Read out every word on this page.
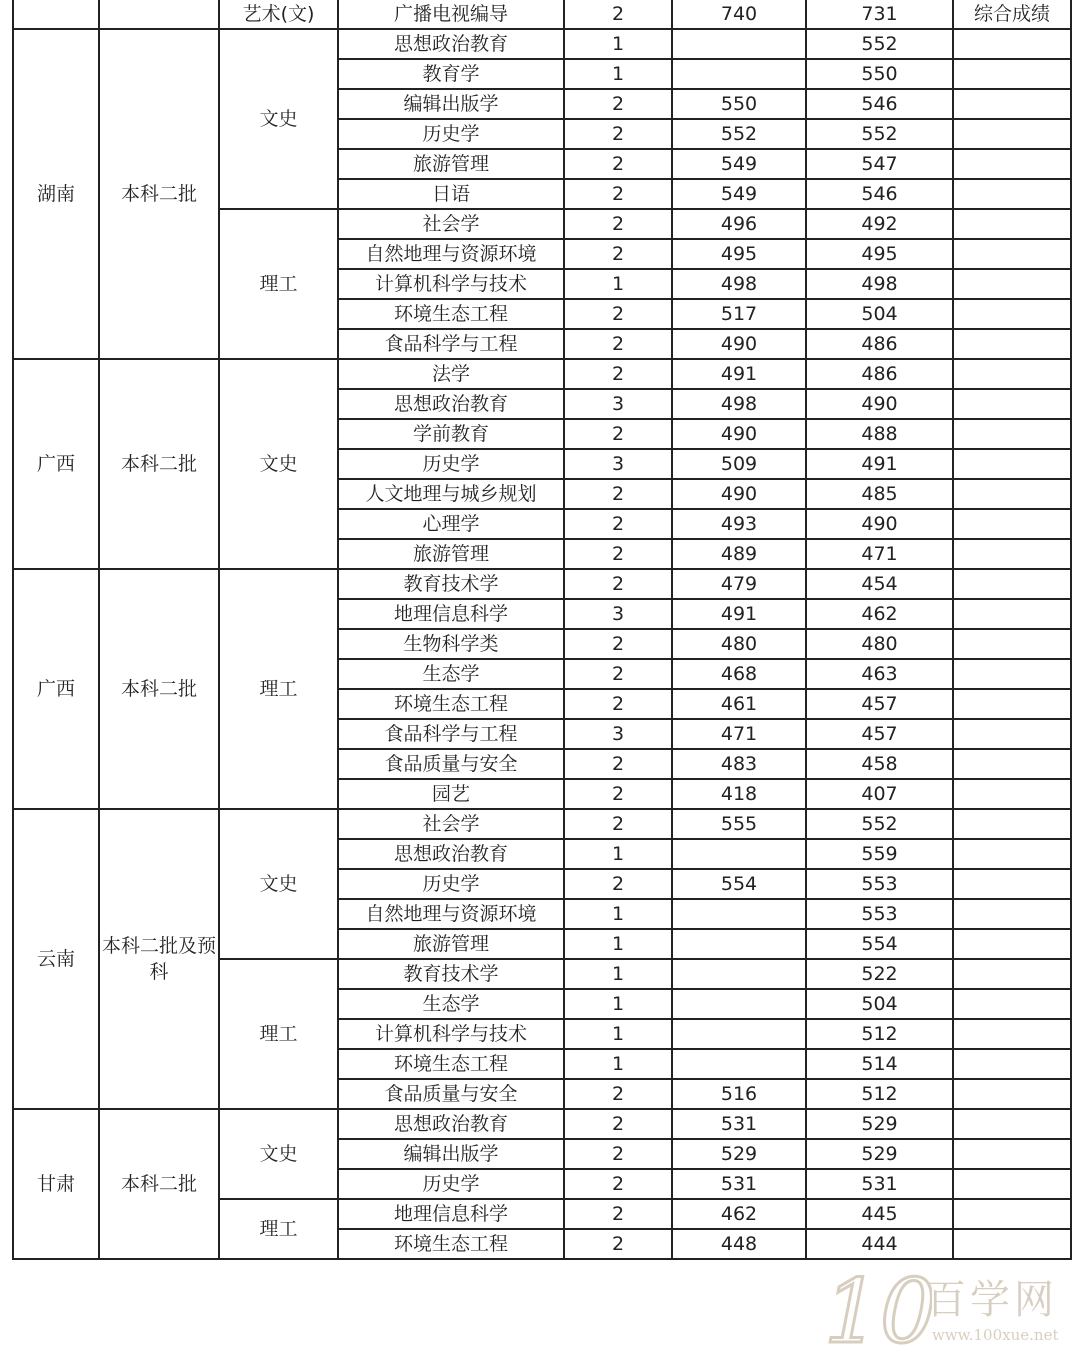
		艺术(文)	广播电视编导	2	740	731	综合成绩
湖南	本科二批	文史	思想政治教育	1		552	
			教育学	1		550	
			编辑出版学	2	550	546	
			历史学	2	552	552	
			旅游管理	2	549	547	
			日语	2	549	546	
		理工	社会学	2	496	492	
			自然地理与资源环境	2	495	495	
			计算机科学与技术	1	498	498	
			环境生态工程	2	517	504	
			食品科学与工程	2	490	486	
广西	本科二批	文史	法学	2	491	486	
			思想政治教育	3	498	490	
			学前教育	2	490	488	
			历史学	3	509	491	
			人文地理与城乡规划	2	490	485	
			心理学	2	493	490	
			旅游管理	2	489	471	
广西	本科二批	理工	教育技术学	2	479	454	
			地理信息科学	3	491	462	
			生物科学类	2	480	480	
			生态学	2	468	463	
			环境生态工程	2	461	457	
			食品科学与工程	3	471	457	
			食品质量与安全	2	483	458	
			园艺	2	418	407	
云南	本科二批及预科	文史	社会学	2	555	552	
			思想政治教育	1		559	
			历史学	2	554	553	
			自然地理与资源环境	1		553	
			旅游管理	1		554	
		理工	教育技术学	1		522	
			生态学	1		504	
			计算机科学与技术	1		512	
			环境生态工程	1		514	
			食品质量与安全	2	516	512	
甘肃	本科二批	文史	思想政治教育	2	531	529	
			编辑出版学	2	529	529	
			历史学	2	531	531	
		理工	地理信息科学	2	462	445	
			环境生态工程	2	448	444	
10
百学网
www.100xue.net
